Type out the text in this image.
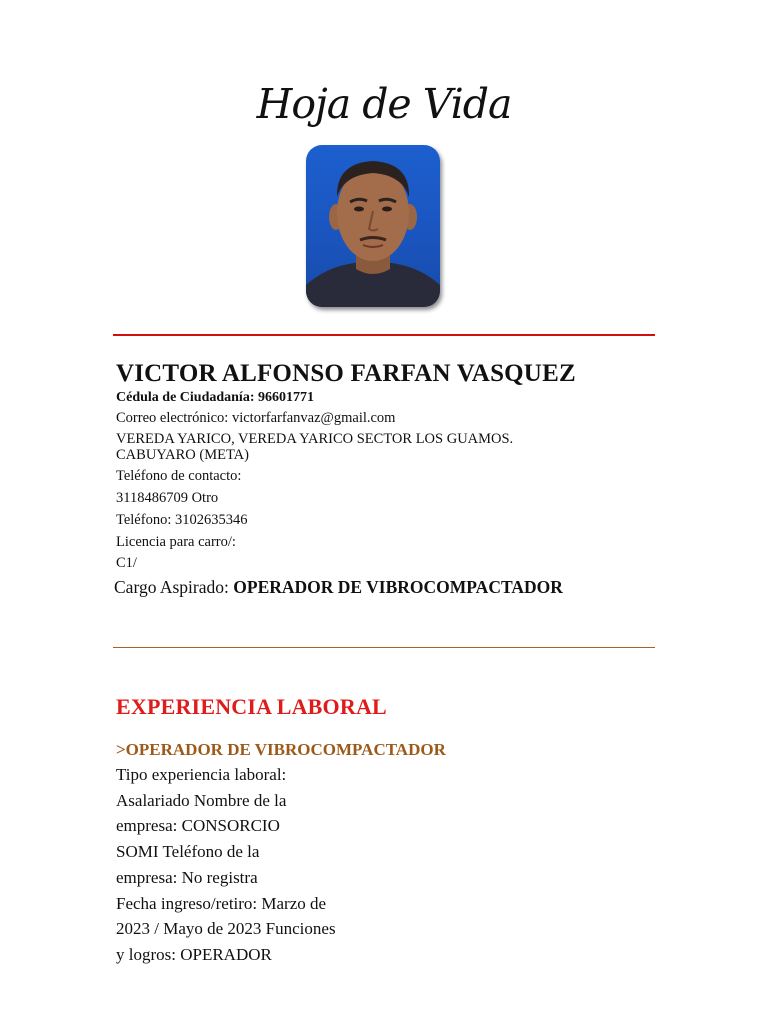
Hoja de Vida
VICTOR ALFONSO FARFAN VASQUEZ
Cédula de Ciudadanía: 96601771
Correo electrónico: victorfarfanvaz@gmail.com
VEREDA YARICO, VEREDA YARICO SECTOR LOS GUAMOS.
CABUYARO (META)
Teléfono de contacto:
3118486709 Otro
Teléfono: 3102635346
Licencia para carro/:
C1/
Cargo Aspirado: OPERADOR DE VIBROCOMPACTADOR
EXPERIENCIA LABORAL
>OPERADOR DE VIBROCOMPACTADOR
Tipo experiencia laboral:
Asalariado Nombre de la
empresa: CONSORCIO
SOMI Teléfono de la
empresa: No registra
Fecha ingreso/retiro: Marzo de
2023 / Mayo de 2023 Funciones
y logros: OPERADOR
